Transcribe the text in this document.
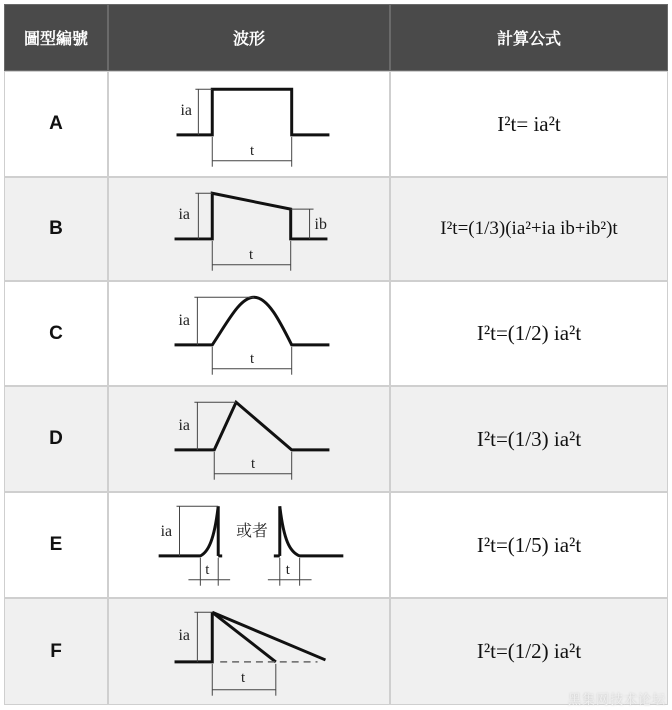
圖型編號	波形	計算公式
A
ia
t
I²t= ia²t
B
ia
ib
t
I²t=(1/3)(ia²+ia ib+ib²)t
C
ia
t
I²t=(1/2) ia²t
D
ia
t
I²t=(1/3) ia²t
E
ia
t
或者
t
I²t=(1/5) ia²t
F
ia
t
I²t=(1/2) ia²t
黑集网技术论坛
